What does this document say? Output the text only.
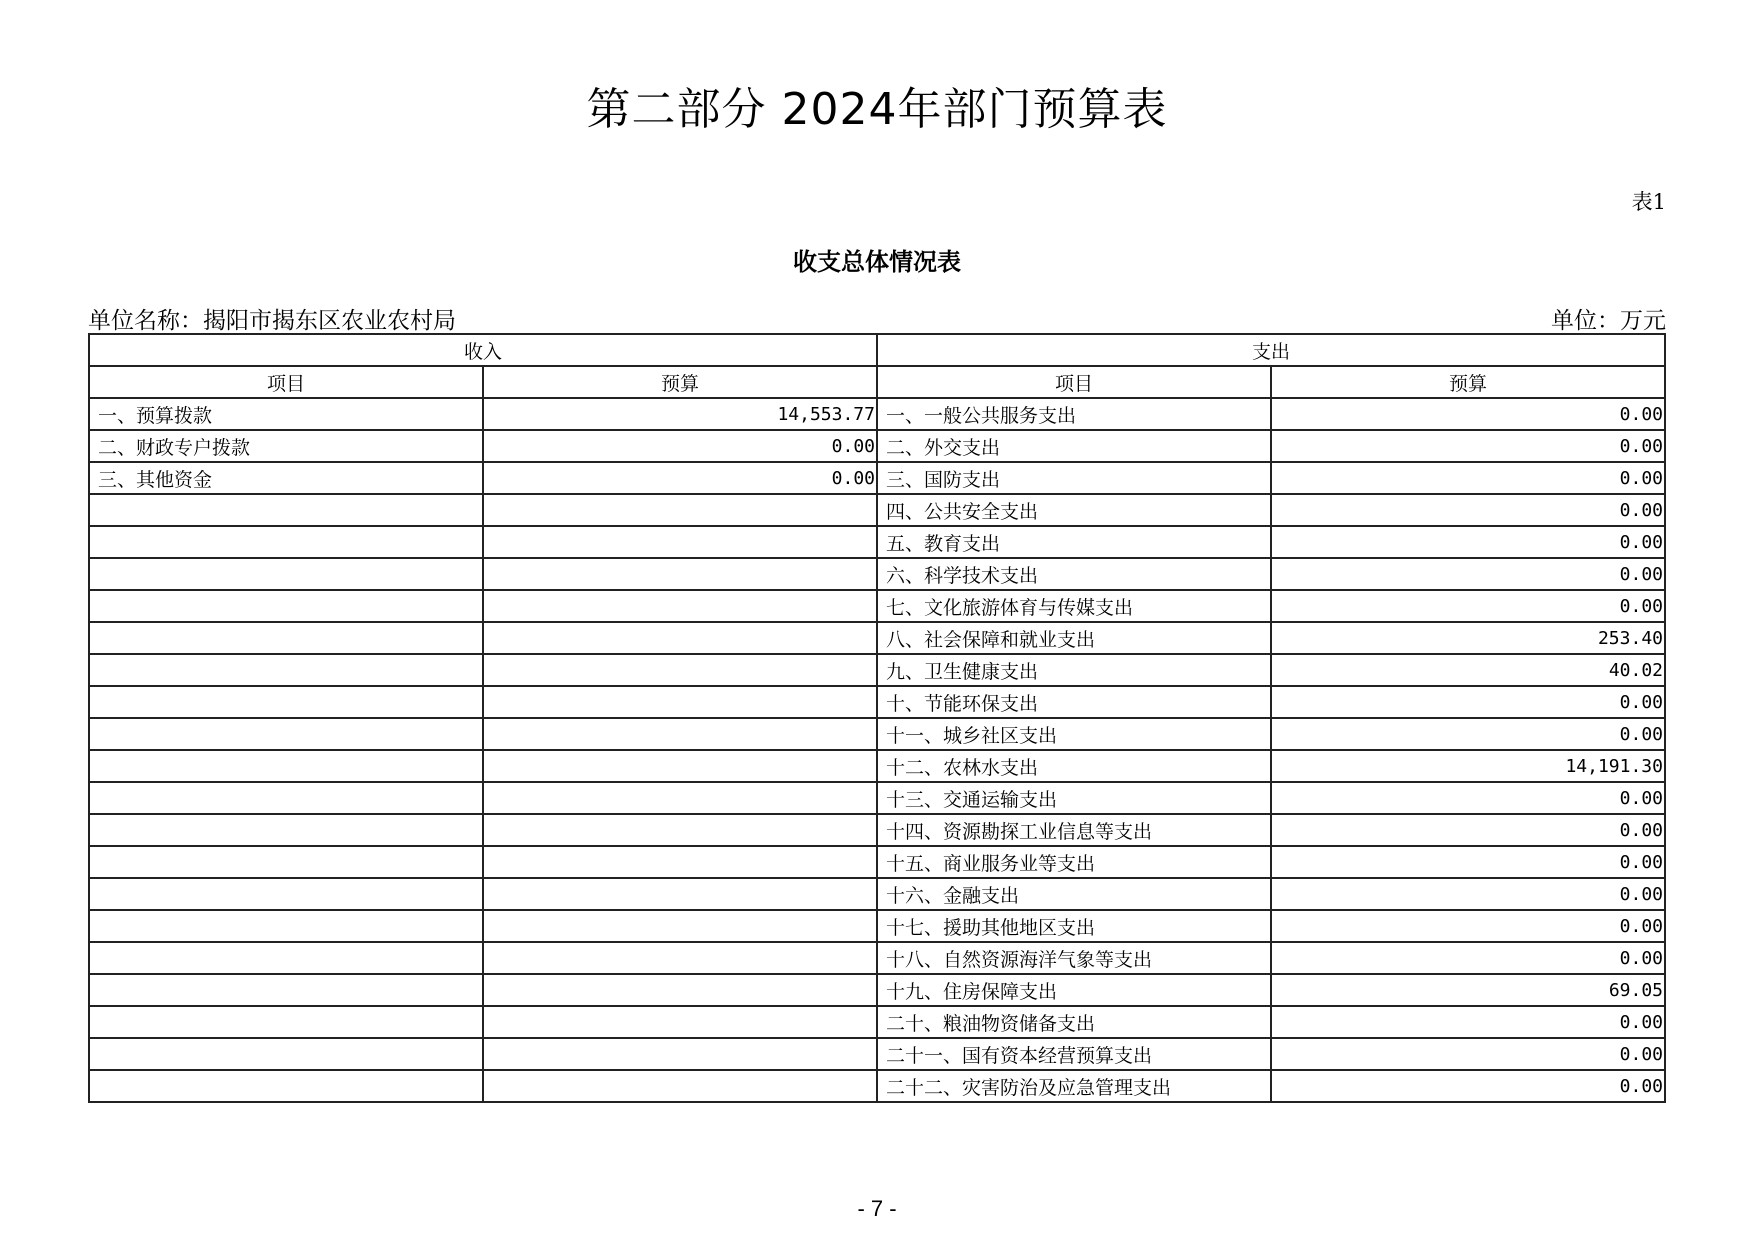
第二部分 2024年部门预算表
表1
收支总体情况表
单位名称：揭阳市揭东区农业农村局	单位：万元
收入		支出	
项目	预算	项目	预算
一、预算拨款	14,553.77	一、一般公共服务支出	0.00
二、财政专户拨款	0.00	二、外交支出	0.00
三、其他资金	0.00	三、国防支出	0.00
		四、公共安全支出	0.00
		五、教育支出	0.00
		六、科学技术支出	0.00
		七、文化旅游体育与传媒支出	0.00
		八、社会保障和就业支出	253.40
		九、卫生健康支出	40.02
		十、节能环保支出	0.00
		十一、城乡社区支出	0.00
		十二、农林水支出	14,191.30
		十三、交通运输支出	0.00
		十四、资源勘探工业信息等支出	0.00
		十五、商业服务业等支出	0.00
		十六、金融支出	0.00
		十七、援助其他地区支出	0.00
		十八、自然资源海洋气象等支出	0.00
		十九、住房保障支出	69.05
		二十、粮油物资储备支出	0.00
		二十一、国有资本经营预算支出	0.00
		二十二、灾害防治及应急管理支出	0.00
- 7 -
